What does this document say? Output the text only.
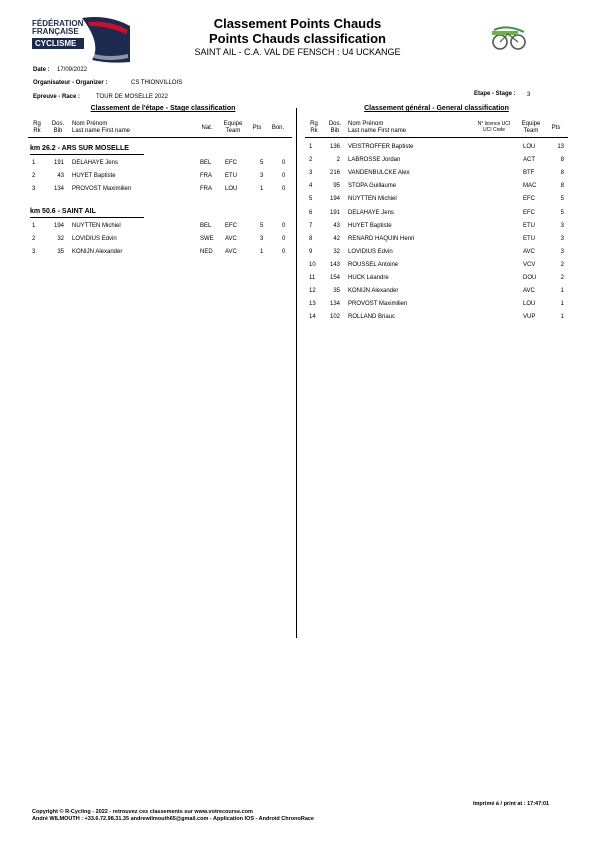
FÉDÉRATION
FRANÇAISE
CYCLISME
Classement Points Chauds
Points Chauds classification
SAINT AIL - C.A. VAL DE FENSCH : U4 UCKANGE
Date : 17/09/2022
Organisateur - Organizer :	CS THIONVILLOIS
Epreuve - Race :	TOUR DE MOSELLE 2022	Etape - Stage : 3
Classement de l'étape - Stage classification
Rg
Rk
Dos.
Bib
Nom Prénom
Last name First name	Nat.
Equipe
Team	Pts	Bon.
km 26.2 - ARS SUR MOSELLE
1	191 DELAHAYE Jens	BEL EFC	5	0
2	43 HUYET Baptiste	FRA ETU	3	0
3	134 PROVOST Maximilien	FRA LOU	1	0
km 50.6 - SAINT AIL
1	194 NUYTTEN Michiel	BEL EFC	5	0
2	32 LOVIDIUS Edvin	SWE AVC	3	0
3	35 KONIJN Alexander	NED AVC	1	0
Classement général - General classification
Rg
Rk
Dos.
Bib
Nom Prénom
Last name First name
N° licence UCI
UCI Code
Equipe
Team	Pts
1	136 VEISTROFFER Baptiste	LOU	13
2	2 LABROSSE Jordan	ACT	8
3	216 VANDENBULCKE Alex	BTF	8
4	95 STOPA Guillaume	MAC	8
5	194 NUYTTEN Michiel	EFC	5
6	191 DELAHAYE Jens	EFC	5
7	43 HUYET Baptiste	ETU	3
8	42 RENARD HAQUIN Henri	ETU	3
9	32 LOVIDIUS Edvin	AVC	3
10 143 ROUSSEL Antoine	VCV	2
11 154 HUCK Léandre	DOU	2
12	35 KONIJN Alexander	AVC	1
13 134 PROVOST Maximilien	LOU	1
14 102 ROLLAND Briauc	VUP	1
Copyright © R-Cycling - 2022 - retrouvez ces classements sur www.votrecourse.com
André WILMOUTH : +33.6.72.98.31.35 andrewilmouth65@gmail.com - Application IOS - Android ChronoRace
Imprimé à / print at : 17:47:01
